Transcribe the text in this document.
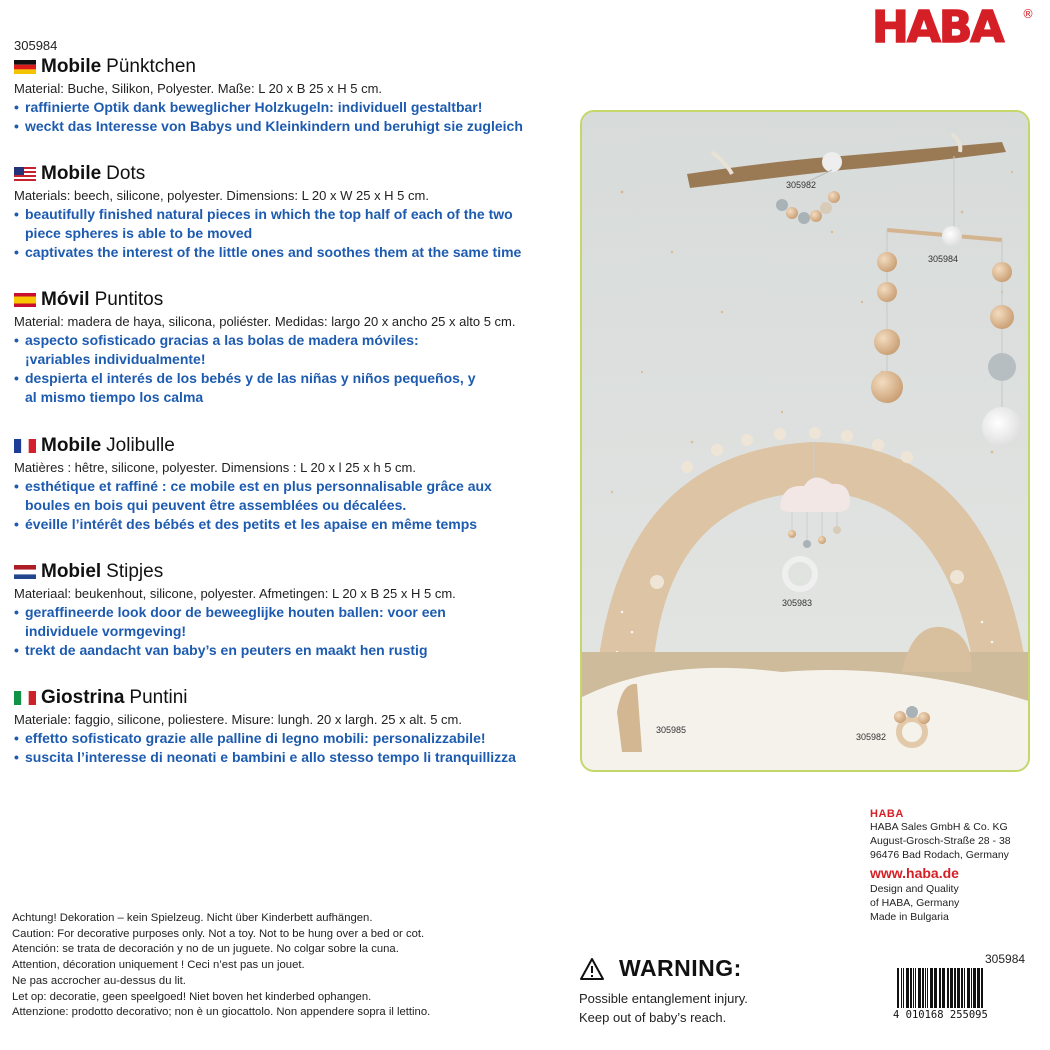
HABA ®
305984
Mobile Pünktchen
Material: Buche, Silikon, Polyester. Maße: L 20 x B 25 x H 5 cm.
• raffinierte Optik dank beweglicher Holzkugeln: individuell gestaltbar!
• weckt das Interesse von Babys und Kleinkindern und beruhigt sie zugleich
Mobile Dots
Materials: beech, silicone, polyester. Dimensions: L 20 x W 25 x H 5 cm.
• beautifully finished natural pieces in which the top half of each of the two piece spheres is able to be moved
• captivates the interest of the little ones and soothes them at the same time
Móvil Puntitos
Material: madera de haya, silicona, poliéster. Medidas: largo 20 x ancho 25 x alto 5 cm.
• aspecto sofisticado gracias a las bolas de madera móviles: ¡variables individualmente!
• despierta el interés de los bebés y de las niñas y niños pequeños, y al mismo tiempo los calma
Mobile Jolibulle
Matières : hêtre, silicone, polyester. Dimensions : L 20 x l 25 x h 5 cm.
• esthétique et raffiné : ce mobile est en plus personnalisable grâce aux boules en bois qui peuvent être assemblées ou décalées.
• éveille l’intérêt des bébés et des petits et les apaise en même temps
Mobiel Stipjes
Materiaal: beukenhout, silicone, polyester. Afmetingen: L 20 x B 25 x H 5 cm.
• geraffineerde look door de beweeglijke houten ballen: voor een individuele vormgeving!
• trekt de aandacht van baby’s en peuters en maakt hen rustig
Giostrina Puntini
Materiale: faggio, silicone, poliestere. Misure: lungh. 20 x largh. 25 x alt. 5 cm.
• effetto sofisticato grazie alle palline di legno mobili: personalizzabile!
• suscita l’interesse di neonati e bambini e allo stesso tempo li tranquillizza
305982
305984
305983
305985
305982
HABA
HABA Sales GmbH & Co. KG
August-Grosch-Straße 28 - 38
96476 Bad Rodach, Germany
www.haba.de
Design and Quality
of HABA, Germany
Made in Bulgaria
Achtung! Dekoration – kein Spielzeug. Nicht über Kinderbett aufhängen.
Caution: For decorative purposes only. Not a toy. Not to be hung over a bed or cot.
Atención: se trata de decoración y no de un juguete. No colgar sobre la cuna.
Attention, décoration uniquement ! Ceci n’est pas un jouet.
Ne pas accrocher au-dessus du lit.
Let op: decoratie, geen speelgoed! Niet boven het kinderbed ophangen.
Attenzione: prodotto decorativo; non è un giocattolo. Non appendere sopra il lettino.
WARNING:
Possible entanglement injury.
Keep out of baby’s reach.
305984
4 010168 255095
